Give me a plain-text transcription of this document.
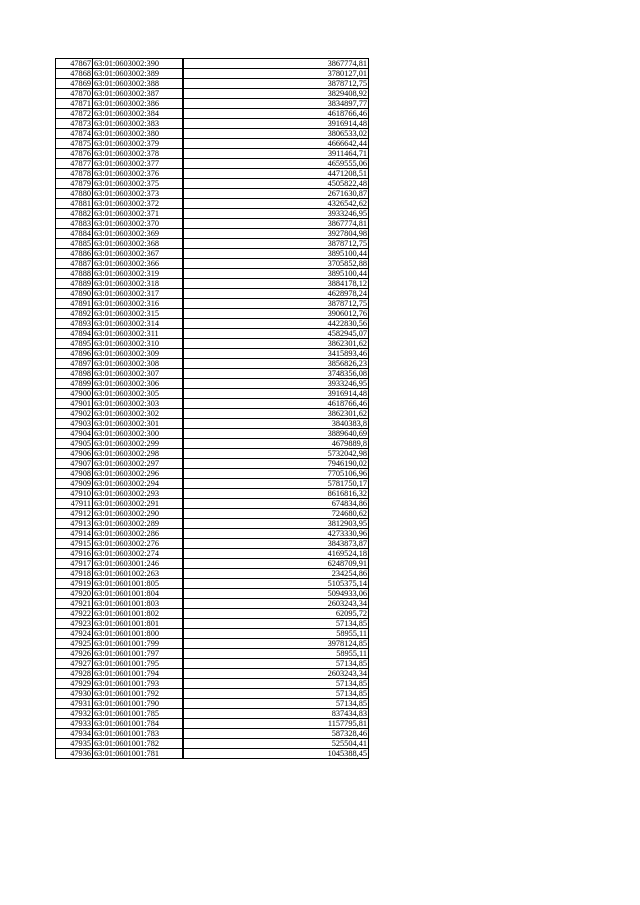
47867	63:01:0603002:390	3867774,81
47868	63:01:0603002:389	3780127,01
47869	63:01:0603002:388	3878712,75
47870	63:01:0603002:387	3829408,92
47871	63:01:0603002:386	3834897,77
47872	63:01:0603002:384	4618766,46
47873	63:01:0603002:383	3916914,48
47874	63:01:0603002:380	3806533,02
47875	63:01:0603002:379	4666642,44
47876	63:01:0603002:378	3911464,71
47877	63:01:0603002:377	4659555,06
47878	63:01:0603002:376	4471208,51
47879	63:01:0603002:375	4505822,48
47880	63:01:0603002:373	2671630,87
47881	63:01:0603002:372	4326542,62
47882	63:01:0603002:371	3933246,95
47883	63:01:0603002:370	3867774,81
47884	63:01:0603002:369	3927804,98
47885	63:01:0603002:368	3878712,75
47886	63:01:0603002:367	3895100,44
47887	63:01:0603002:366	3705852,88
47888	63:01:0603002:319	3895100,44
47889	63:01:0603002:318	3884178,12
47890	63:01:0603002:317	4628978,24
47891	63:01:0603002:316	3878712,75
47892	63:01:0603002:315	3906012,76
47893	63:01:0603002:314	4422830,56
47894	63:01:0603002:311	4582945,07
47895	63:01:0603002:310	3862301,62
47896	63:01:0603002:309	3415893,46
47897	63:01:0603002:308	3856826,23
47898	63:01:0603002:307	3748356,08
47899	63:01:0603002:306	3933246,95
47900	63:01:0603002:305	3916914,48
47901	63:01:0603002:303	4618766,46
47902	63:01:0603002:302	3862301,62
47903	63:01:0603002:301	3840383,8
47904	63:01:0603002:300	3889640,69
47905	63:01:0603002:299	4679889,8
47906	63:01:0603002:298	5732042,98
47907	63:01:0603002:297	7946190,02
47908	63:01:0603002:296	7705106,96
47909	63:01:0603002:294	5781750,17
47910	63:01:0603002:293	8616816,32
47911	63:01:0603002:291	674834,86
47912	63:01:0603002:290	724680,62
47913	63:01:0603002:289	3812903,95
47914	63:01:0603002:286	4273330,96
47915	63:01:0603002:276	3843873,87
47916	63:01:0603002:274	4169524,18
47917	63:01:0603001:246	6248709,91
47918	63:01:0601002:263	234254,86
47919	63:01:0601001:805	5105375,14
47920	63:01:0601001:804	5094933,06
47921	63:01:0601001:803	2603243,34
47922	63:01:0601001:802	62095,72
47923	63:01:0601001:801	57134,85
47924	63:01:0601001:800	58955,11
47925	63:01:0601001:799	3978124,85
47926	63:01:0601001:797	58955,11
47927	63:01:0601001:795	57134,85
47928	63:01:0601001:794	2603243,34
47929	63:01:0601001:793	57134,85
47930	63:01:0601001:792	57134,85
47931	63:01:0601001:790	57134,85
47932	63:01:0601001:785	837434,83
47933	63:01:0601001:784	1157795,81
47934	63:01:0601001:783	587328,46
47935	63:01:0601001:782	525504,41
47936	63:01:0601001:781	1045388,45
